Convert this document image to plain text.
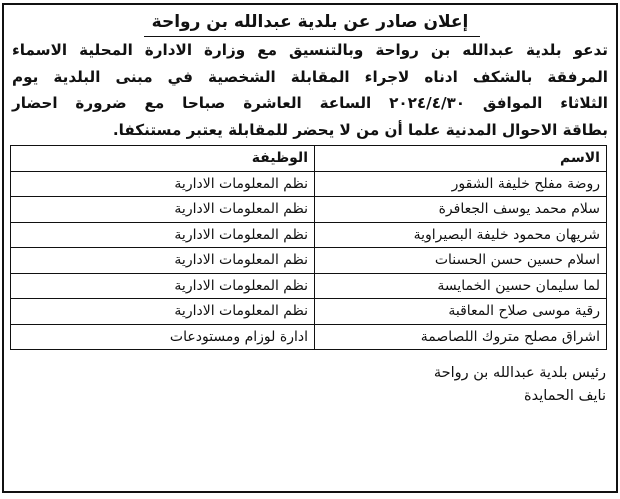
إعلان صادر عن بلدية عبدالله بن رواحة
تدعو بلدية عبدالله بن رواحة وبالتنسيق مع وزارة الادارة المحلية الاسماء
المرفقة بالشكف ادناه لاجراء المقابلة الشخصية في مبنى البلدية يوم
الثلاثاء الموافق ٢٠٢٤/٤/٣٠ الساعة العاشرة صباحا مع ضرورة احضار
بطاقة الاحوال المدنية علما أن من لا يحضر للمقابلة يعتبر مستنكفا.
الاسم	الوظيفة
روضة مفلح خليفة الشقور	نظم المعلومات الادارية
سلام محمد يوسف الجعافرة	نظم المعلومات الادارية
شريهان محمود خليفة البصيراوية	نظم المعلومات الادارية
اسلام حسين حسن الحسنات	نظم المعلومات الادارية
لما سليمان حسين الخمايسة	نظم المعلومات الادارية
رقية موسى صلاح المعاقبة	نظم المعلومات الادارية
اشراق مصلح متروك اللصاصمة	ادارة لوزام ومستودعات
رئيس بلدية عبدالله بن رواحة
نايف الحمايدة
